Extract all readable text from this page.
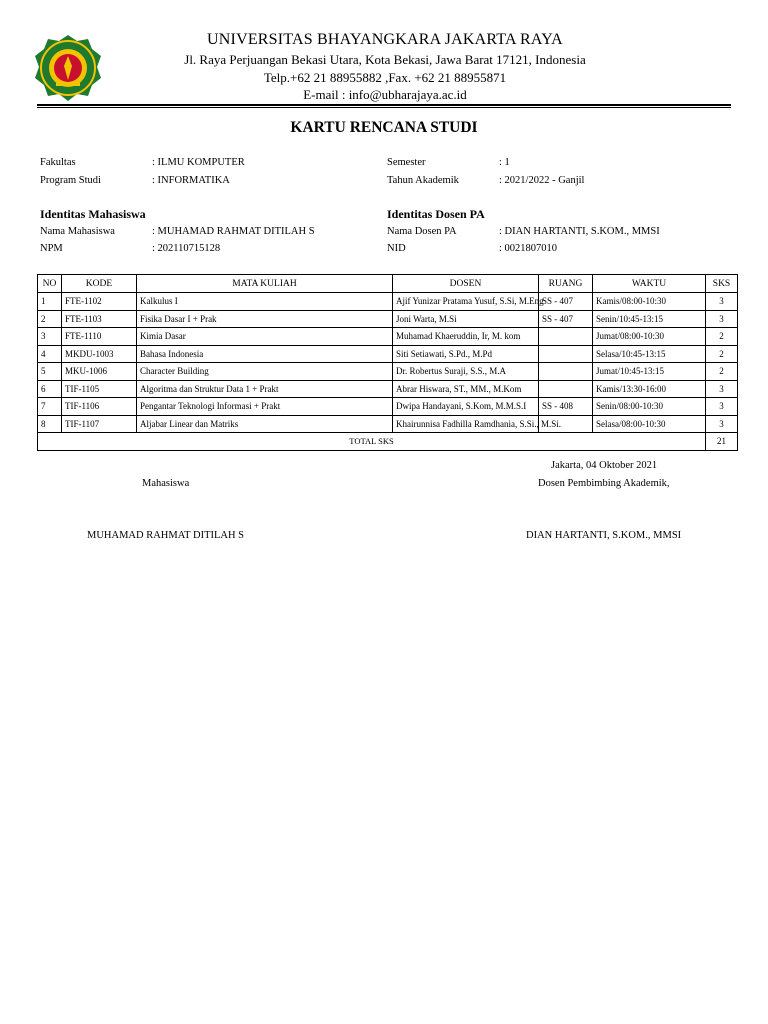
UNIVERSITAS BHAYANGKARA JAKARTA RAYA
Jl. Raya Perjuangan Bekasi Utara, Kota Bekasi, Jawa Barat 17121, Indonesia
Telp.+62 21 88955882 ,Fax. +62 21 88955871
E-mail : info@ubharajaya.ac.id
KARTU RENCANA STUDI
Fakultas	: ILMU KOMPUTER
Program Studi	: INFORMATIKA
Semester	: 1
Tahun Akademik	: 2021/2022 - Ganjil
Identitas Mahasiswa
Nama Mahasiswa	: MUHAMAD RAHMAT DITILAH S
NPM	: 202110715128
Identitas Dosen PA
Nama Dosen PA	: DIAN HARTANTI, S.KOM., MMSI
NID	: 0021807010
NO	KODE	MATA KULIAH	DOSEN	RUANG	WAKTU	SKS
1	FTE-1102	Kalkulus I	Ajif Yunizar Pratama Yusuf, S.Si, M.Eng	SS - 407	Kamis/08:00-10:30	3
2	FTE-1103	Fisika Dasar I + Prak	Joni Warta, M.Si	SS - 407	Senin/10:45-13:15	3
3	FTE-1110	Kimia Dasar	Muhamad Khaeruddin, Ir, M. kom		Jumat/08:00-10:30	2
4	MKDU-1003	Bahasa Indonesia	Siti Setiawati, S.Pd., M.Pd		Selasa/10:45-13:15	2
5	MKU-1006	Character Building	Dr. Robertus Suraji, S.S., M.A		Jumat/10:45-13:15	2
6	TIF-1105	Algoritma dan Struktur Data 1 + Prakt	Abrar Hiswara, ST., MM., M.Kom		Kamis/13:30-16:00	3
7	TIF-1106	Pengantar Teknologi Informasi + Prakt	Dwipa Handayani, S.Kom, M.M.S.I	SS - 408	Senin/08:00-10:30	3
8	TIF-1107	Aljabar Linear dan Matriks	Khairunnisa Fadhilla Ramdhania, S.Si., M.Si.		Selasa/08:00-10:30	3
TOTAL SKS						21
Jakarta, 04 Oktober 2021
Mahasiswa	Dosen Pembimbing Akademik,
MUHAMAD RAHMAT DITILAH S	DIAN HARTANTI, S.KOM., MMSI
